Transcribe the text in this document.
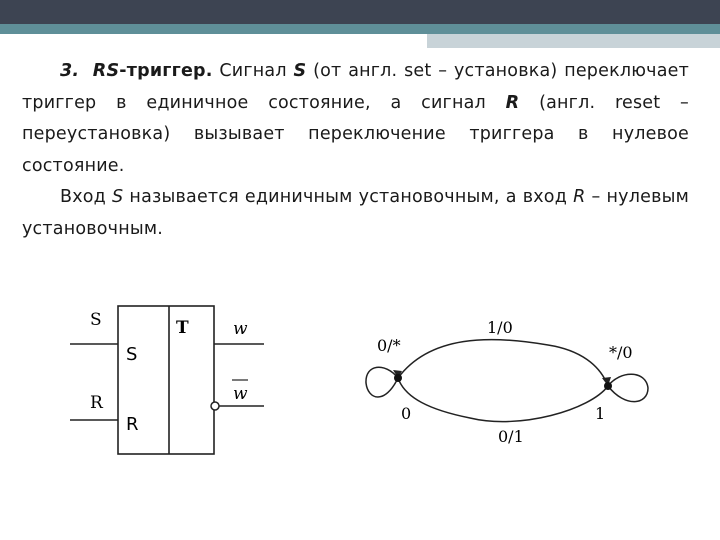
3. RS-триггер. Сигнал S (от англ. set – установка) переключает триггер в единичное состояние, а сигнал R (англ. reset – переустановка) вызывает переключение триггера в нулевое состояние.

Вход S называется единичным установочным, а вход R – нулевым установочным.

S
R
S
R
T	w
w
0/*	*/0
1/0
0/1
0	1
